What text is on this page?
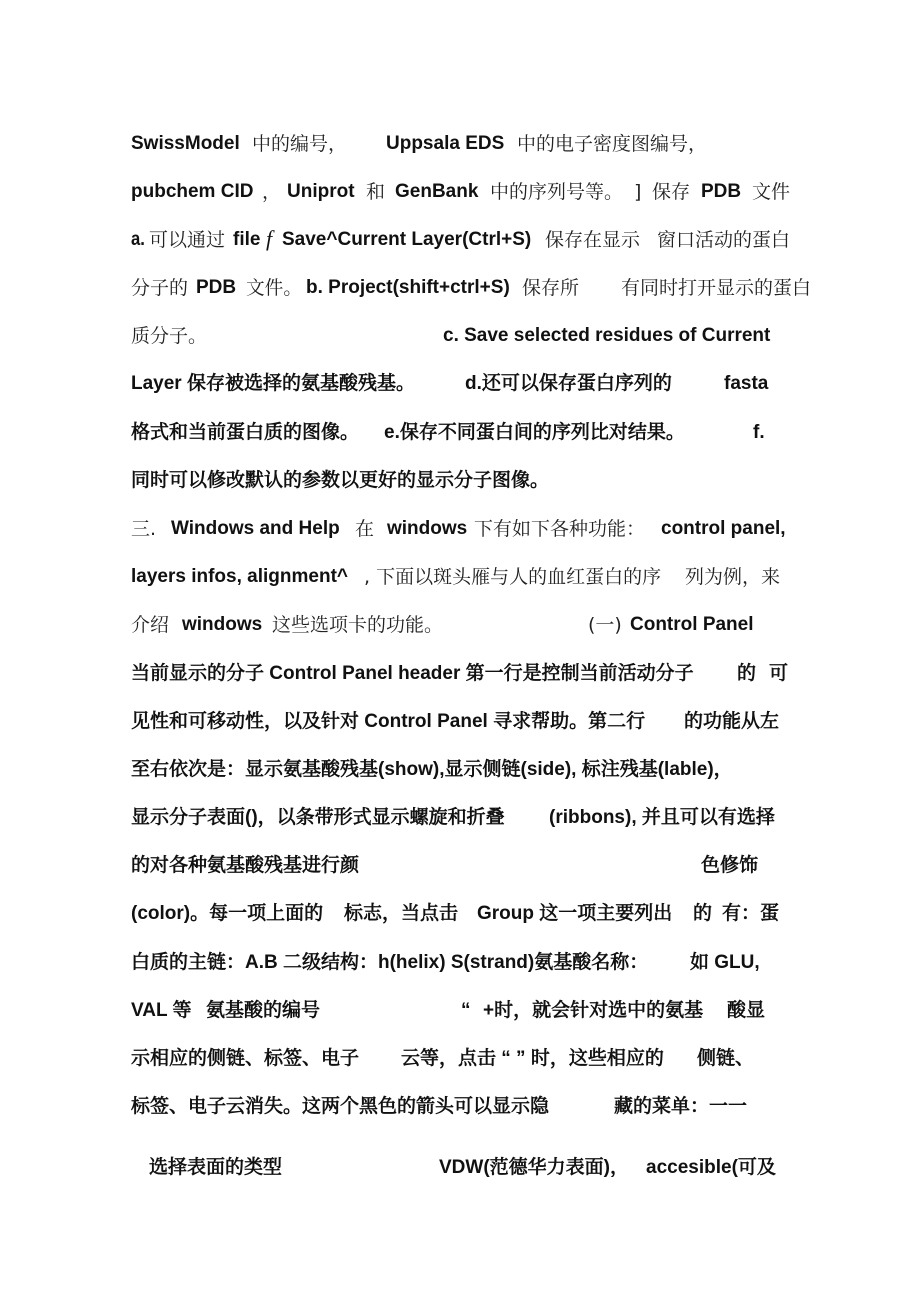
SwissModel 中的编号， Uppsala EDS 中的电子密度图编号，
pubchem CID ， Uniprot 和 GenBank 中的序列号等。 ] 保存 PDB 文件
a. 可以通过 file f Save^Current Layer(Ctrl+S) 保存在显示 窗口活动的蛋白
分子的 PDB 文件。 b. Project(shift+ctrl+S) 保存所 有同时打开显示的蛋白
质分子。	c. Save selected residues of Current
Layer 保存被选择的氨基酸残基。	d.还可以保存蛋白序列的	fasta
格式和当前蛋白质的图像。 e.保存不同蛋白间的序列比对结果。	f.
同时可以修改默认的参数以更好的显示分子图像。
三. Windows and Help 在 windows 下有如下各种功能： control panel,
layers infos, alignment^ , 下面以斑头雁与人的血红蛋白的序 列为例，来
介绍 windows 这些选项卡的功能。	(一) Control Panel
当前显示的分子 Control Panel header 第一行是控制当前活动分子 的 可
见性和可移动性，以及针对 Control Panel 寻求帮助。第二行 的功能从左
至右依次是：显示氨基酸残基(show),显示侧链(side), 标注残基(lable)，
显示分子表面()，以条带形式显示螺旋和折叠 (ribbons), 并且可以有选择
的对各种氨基酸残基进行颜	色修饰
(color)。每一项上面的 标志，当点击 Group 这一项主要列出 的 有：蛋
白质的主链：A.B 二级结构：h(helix) S(strand)氨基酸名称： 如 GLU,
VAL 等 氨基酸的编号	“ +时，就会针对选中的氨基 酸显
示相应的侧链、标签、电子 云等，点击 “ ” 时，这些相应的 侧链、
标签、电子云消失。这两个黑色的箭头可以显示隐	藏的菜单：一一
选择表面的类型	VDW(范德华力表面)， accesible(可及
